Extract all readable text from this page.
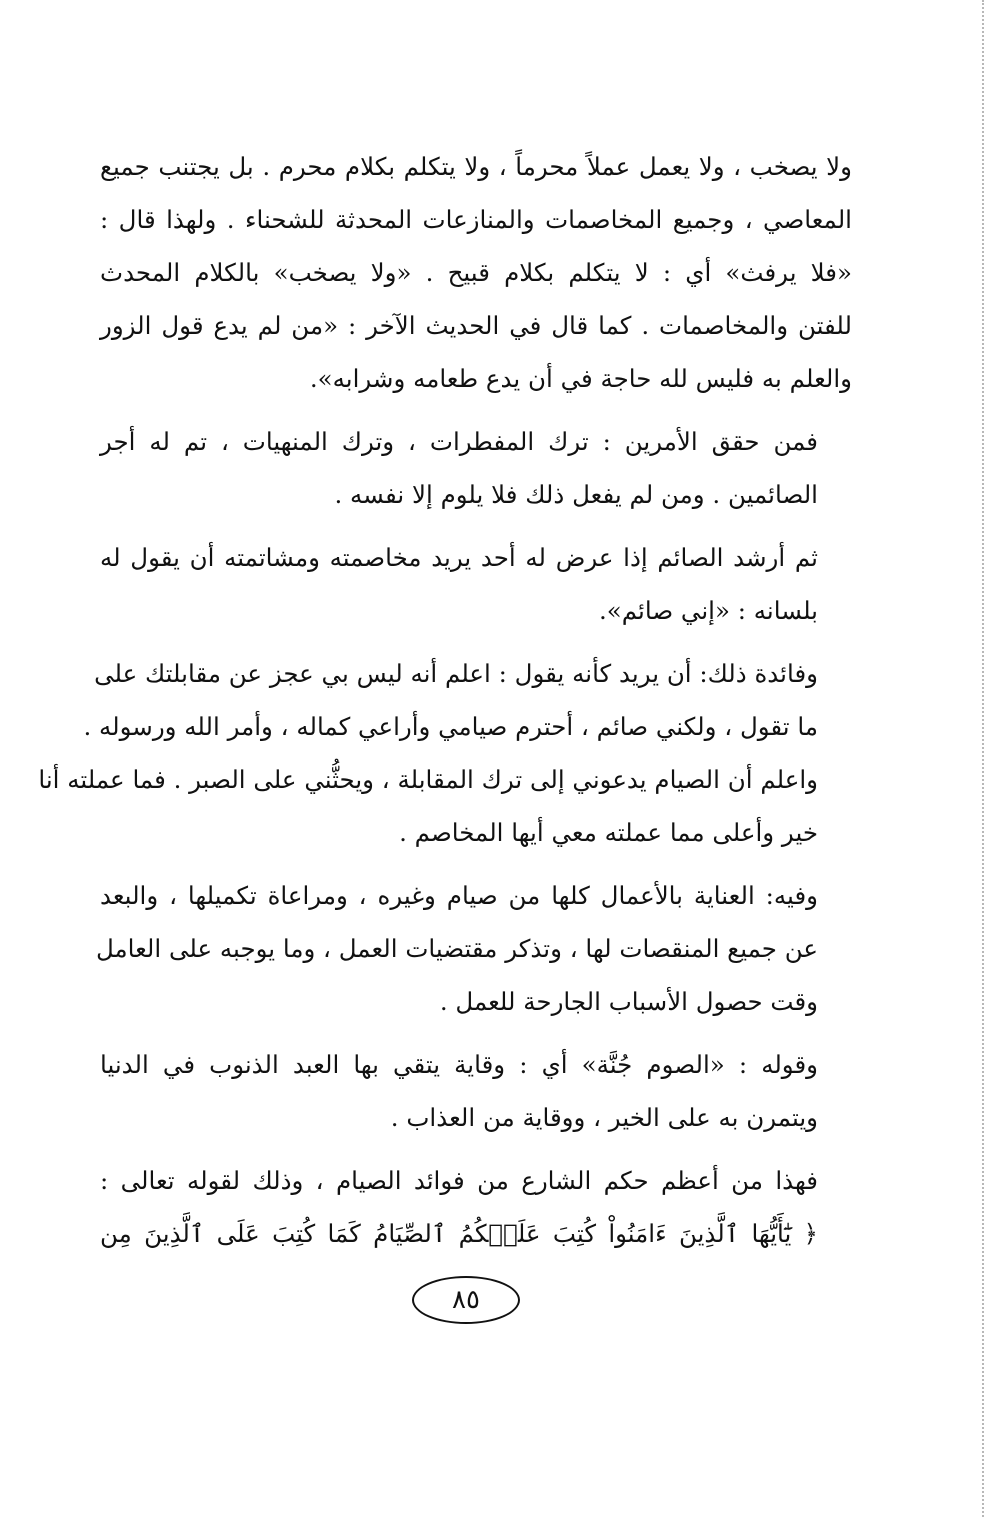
ولا يصخب ، ولا يعمل عملاً محرماً ، ولا يتكلم بكلام محرم . بل يجتنب جميع
المعاصي ، وجميع المخاصمات والمنازعات المحدثة للشحناء . ولهذا قال :
«فلا يرفث» أي : لا يتكلم بكلام قبيح . «ولا يصخب» بالكلام المحدث
للفتن والمخاصمات . كما قال في الحديث الآخر : «من لم يدع قول الزور
والعلم به فليس لله حاجة في أن يدع طعامه وشرابه».

فمن حقق الأمرين : ترك المفطرات ، وترك المنهيات ، تم له أجر
الصائمين . ومن لم يفعل ذلك فلا يلوم إلا نفسه .

ثم أرشد الصائم إذا عرض له أحد يريد مخاصمته ومشاتمته أن يقول له
بلسانه : «إني صائم».

وفائدة ذلك: أن يريد كأنه يقول : اعلم أنه ليس بي عجز عن مقابلتك على
ما تقول ، ولكني صائم ، أحترم صيامي وأراعي كماله ، وأمر الله ورسوله .
واعلم أن الصيام يدعوني إلى ترك المقابلة ، ويحثُّني على الصبر . فما عملته أنا
خير وأعلى مما عملته معي أيها المخاصم .

وفيه: العناية بالأعمال كلها من صيام وغيره ، ومراعاة تكميلها ، والبعد
عن جميع المنقصات لها ، وتذكر مقتضيات العمل ، وما يوجبه على العامل
وقت حصول الأسباب الجارحة للعمل .

وقوله : «الصوم جُنَّة» أي : وقاية يتقي بها العبد الذنوب في الدنيا
ويتمرن به على الخير ، ووقاية من العذاب .

فهذا من أعظم حكم الشارع من فوائد الصيام ، وذلك لقوله تعالى :
﴿ يَٰٓأَيُّهَا ٱلَّذِينَ ءَامَنُواْ كُتِبَ عَلَيۡكُمُ ٱلصِّيَامُ كَمَا كُتِبَ عَلَى ٱلَّذِينَ مِن

٨٥
